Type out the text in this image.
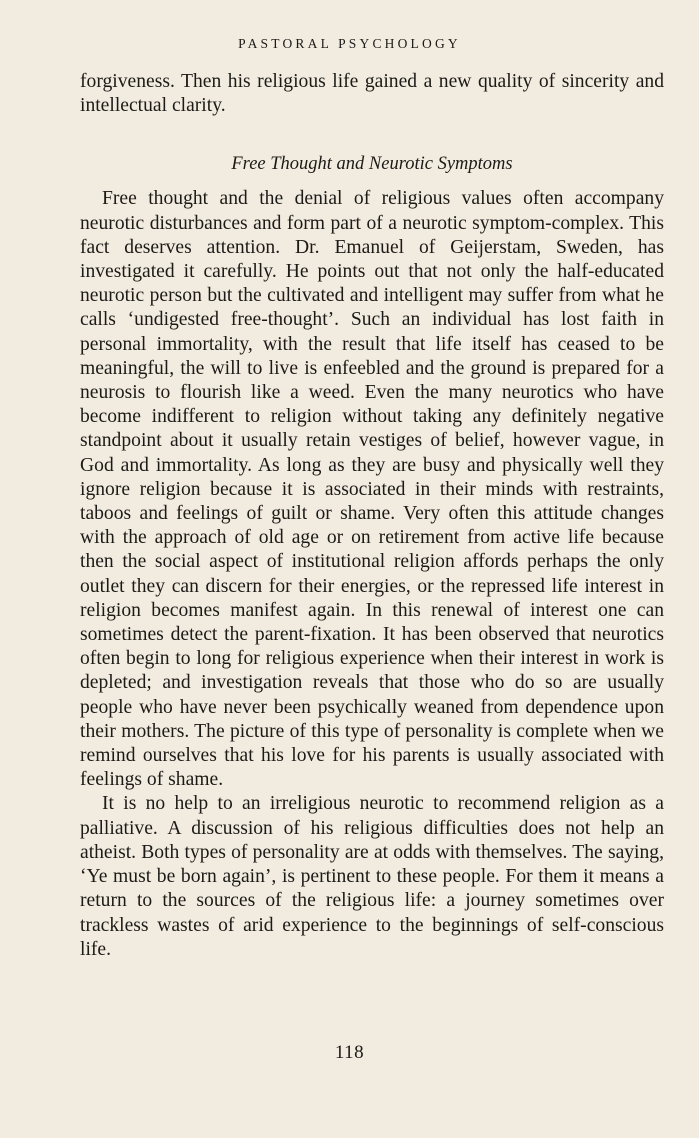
PASTORAL PSYCHOLOGY

forgiveness. Then his religious life gained a new quality of sincerity and intellectual clarity.

Free Thought and Neurotic Symptoms

Free thought and the denial of religious values often accompany neurotic disturbances and form part of a neurotic symptom-complex. This fact deserves attention. Dr. Emanuel of Geijerstam, Sweden, has investigated it carefully. He points out that not only the half-educated neurotic person but the cultivated and intelligent may suffer from what he calls ‘undigested free-thought’. Such an individual has lost faith in personal immortality, with the result that life itself has ceased to be meaningful, the will to live is enfeebled and the ground is prepared for a neurosis to flourish like a weed. Even the many neurotics who have become indifferent to religion without taking any definitely negative standpoint about it usually retain vestiges of belief, however vague, in God and immortality. As long as they are busy and physically well they ignore religion because it is associated in their minds with restraints, taboos and feelings of guilt or shame. Very often this attitude changes with the approach of old age or on retirement from active life because then the social aspect of institutional religion affords perhaps the only outlet they can discern for their energies, or the repressed life interest in religion becomes manifest again. In this renewal of interest one can sometimes detect the parent-fixation. It has been observed that neurotics often begin to long for religious experience when their interest in work is depleted; and investigation reveals that those who do so are usually people who have never been psychically weaned from dependence upon their mothers. The picture of this type of personality is complete when we remind ourselves that his love for his parents is usually associated with feelings of shame.

It is no help to an irreligious neurotic to recommend religion as a palliative. A discussion of his religious difficulties does not help an atheist. Both types of personality are at odds with themselves. The saying, ‘Ye must be born again’, is pertinent to these people. For them it means a return to the sources of the religious life: a journey sometimes over trackless wastes of arid experience to the beginnings of self-conscious life.

118
